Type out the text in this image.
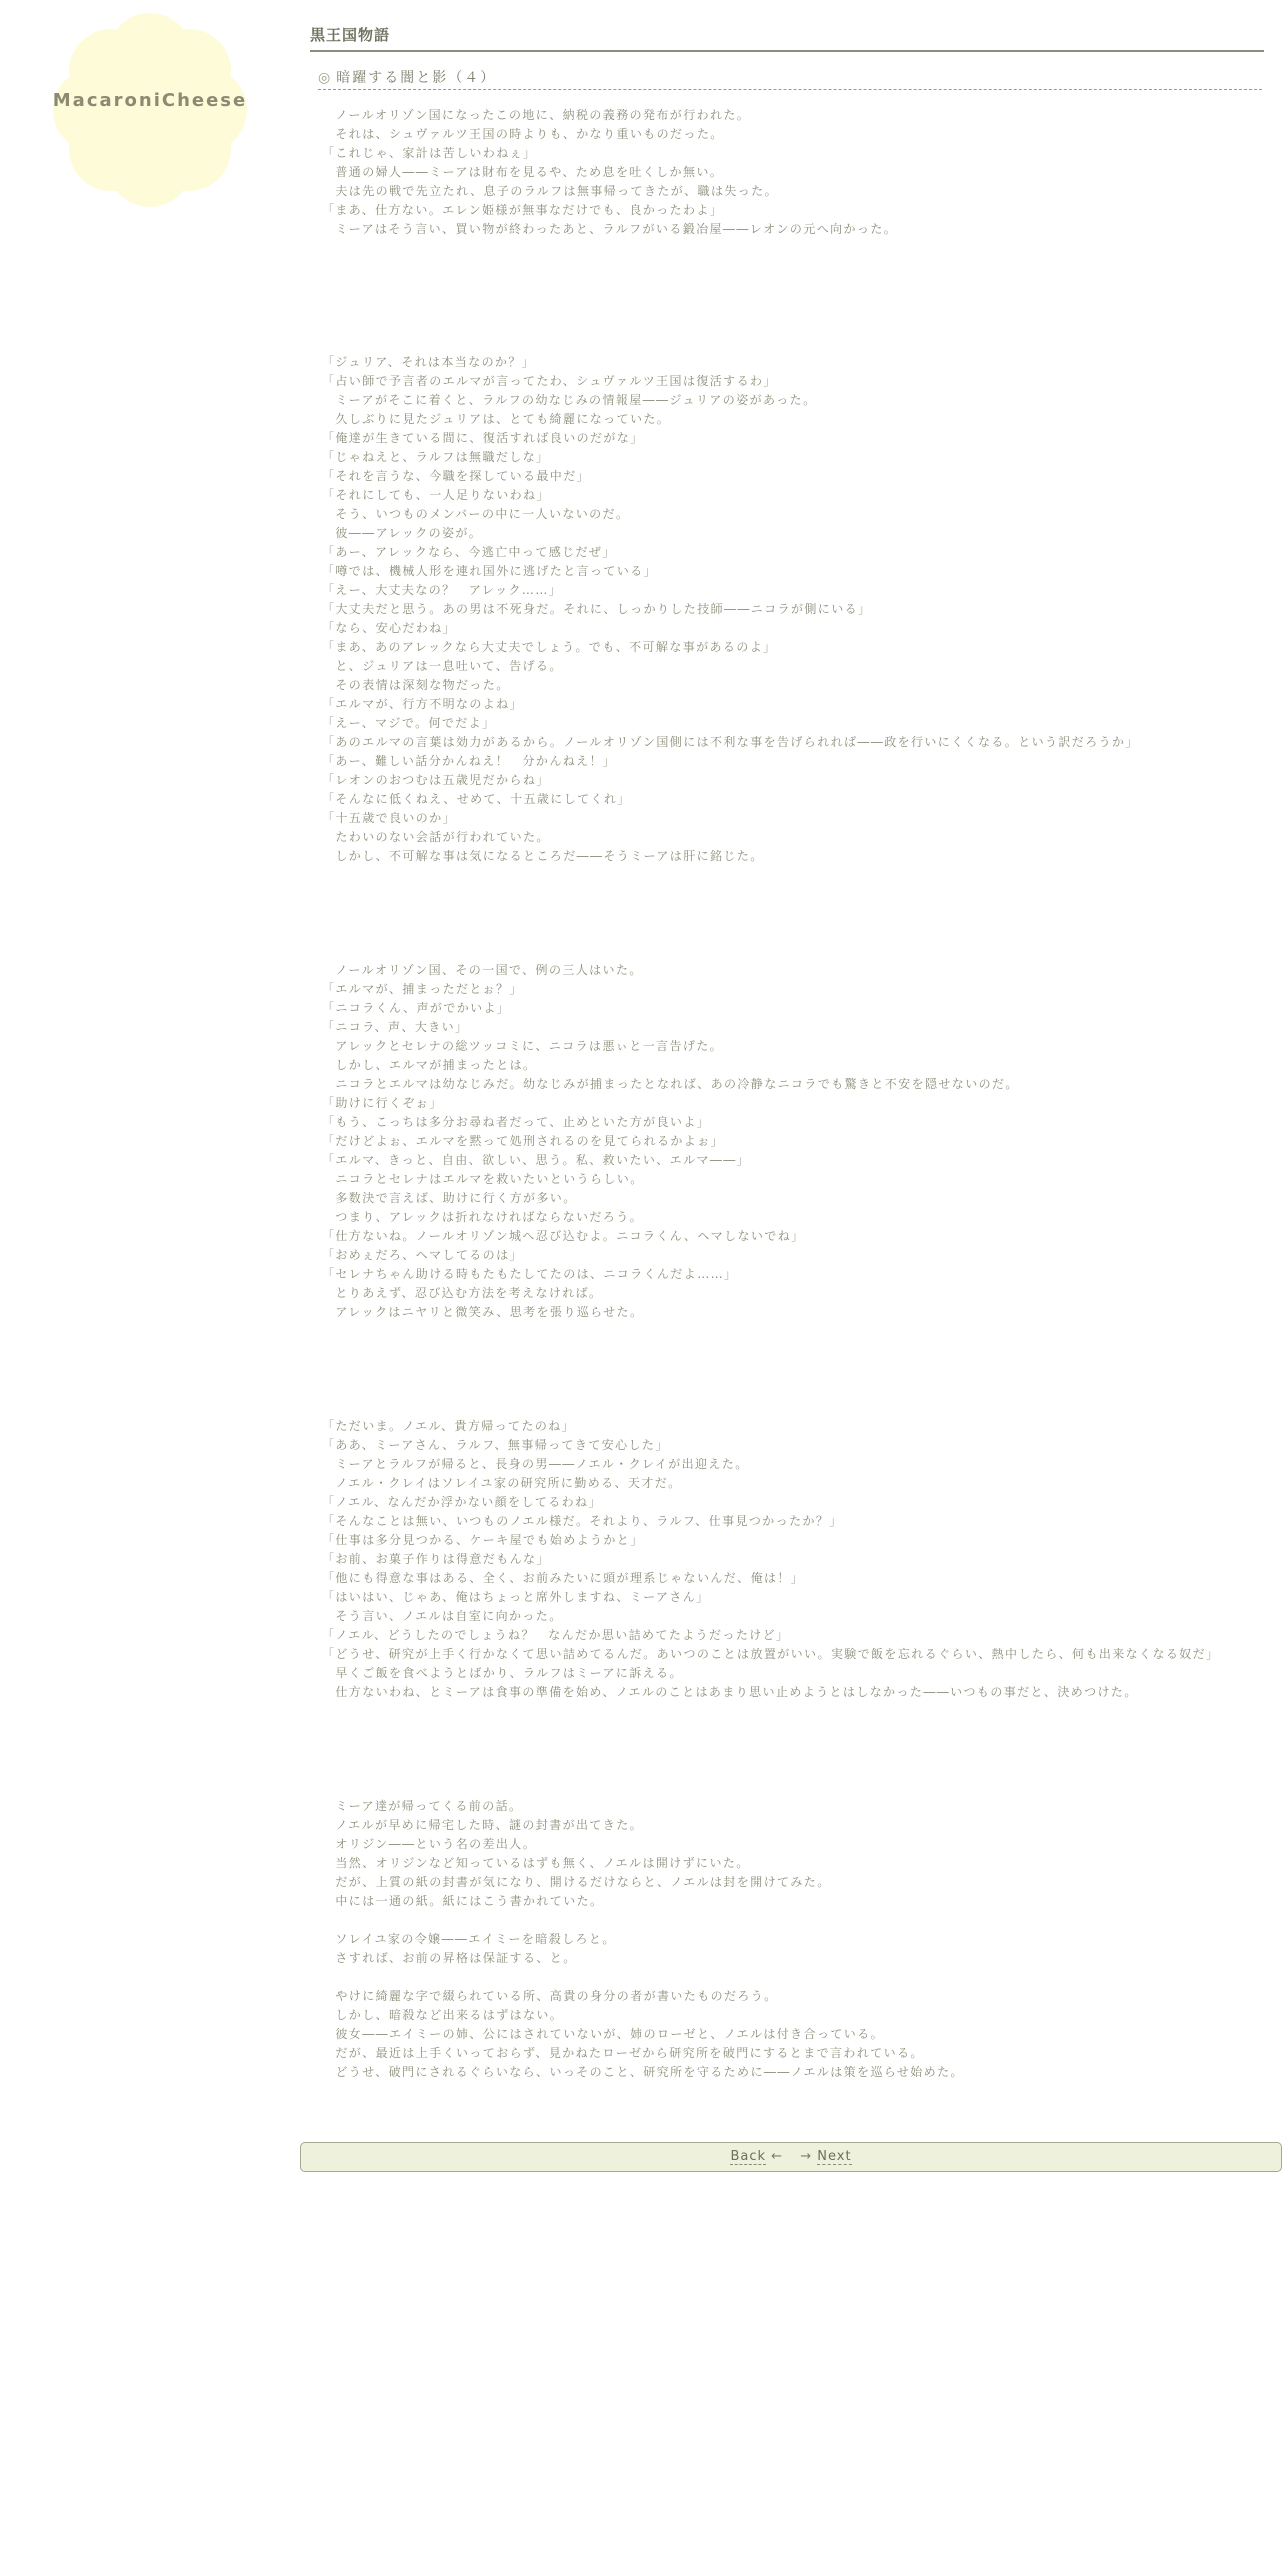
MacaroniCheese
黒王国物語
◎ 暗躍する闇と影（４）
　ノールオリゾン国になったこの地に、納税の義務の発布が行われた。
　それは、シュヴァルツ王国の時よりも、かなり重いものだった。
「これじゃ、家計は苦しいわねぇ」
　普通の婦人――ミーアは財布を見るや、ため息を吐くしか無い。
　夫は先の戦で先立たれ、息子のラルフは無事帰ってきたが、職は失った。
「まあ、仕方ない。エレン姫様が無事なだけでも、良かったわよ」
　ミーアはそう言い、買い物が終わったあと、ラルフがいる鍛冶屋――レオンの元へ向かった。
「ジュリア、それは本当なのか？」
「占い師で予言者のエルマが言ってたわ、シュヴァルツ王国は復活するわ」
　ミーアがそこに着くと、ラルフの幼なじみの情報屋――ジュリアの姿があった。
　久しぶりに見たジュリアは、とても綺麗になっていた。
「俺達が生きている間に、復活すれば良いのだがな」
「じゃねえと、ラルフは無職だしな」
「それを言うな、今職を探している最中だ」
「それにしても、一人足りないわね」
　そう、いつものメンバーの中に一人いないのだ。
　彼――アレックの姿が。
「あー、アレックなら、今逃亡中って感じだぜ」
「噂では、機械人形を連れ国外に逃げたと言っている」
「えー、大丈夫なの？　アレック……」
「大丈夫だと思う。あの男は不死身だ。それに、しっかりした技師――ニコラが側にいる」
「なら、安心だわね」
「まあ、あのアレックなら大丈夫でしょう。でも、不可解な事があるのよ」
　と、ジュリアは一息吐いて、告げる。
　その表情は深刻な物だった。
「エルマが、行方不明なのよね」
「えー、マジで。何でだよ」
「あのエルマの言葉は効力があるから。ノールオリゾン国側には不利な事を告げられれば――政を行いにくくなる。という訳だろうか」
「あー、難しい話分かんねえ！　分かんねえ！」
「レオンのおつむは五歳児だからね」
「そんなに低くねえ、せめて、十五歳にしてくれ」
「十五歳で良いのか」
　たわいのない会話が行われていた。
　しかし、不可解な事は気になるところだ――そうミーアは肝に銘じた。
　ノールオリゾン国、その一国で、例の三人はいた。
「エルマが、捕まっただとぉ？」
「ニコラくん、声がでかいよ」
「ニコラ、声、大きい」
　アレックとセレナの総ツッコミに、ニコラは悪ぃと一言告げた。
　しかし、エルマが捕まったとは。
　ニコラとエルマは幼なじみだ。幼なじみが捕まったとなれば、あの冷静なニコラでも驚きと不安を隠せないのだ。
「助けに行くぞぉ」
「もう、こっちは多分お尋ね者だって、止めといた方が良いよ」
「だけどよぉ、エルマを黙って処刑されるのを見てられるかよぉ」
「エルマ、きっと、自由、欲しい、思う。私、救いたい、エルマ――」
　ニコラとセレナはエルマを救いたいというらしい。
　多数決で言えば、助けに行く方が多い。
　つまり、アレックは折れなければならないだろう。
「仕方ないね。ノールオリゾン城へ忍び込むよ。ニコラくん、ヘマしないでね」
「おめぇだろ、ヘマしてるのは」
「セレナちゃん助ける時もたもたしてたのは、ニコラくんだよ……」
　とりあえず、忍び込む方法を考えなければ。
　アレックはニヤリと微笑み、思考を張り巡らせた。
「ただいま。ノエル、貴方帰ってたのね」
「ああ、ミーアさん、ラルフ、無事帰ってきて安心した」
　ミーアとラルフが帰ると、長身の男――ノエル・クレイが出迎えた。
　ノエル・クレイはソレイユ家の研究所に勤める、天才だ。
「ノエル、なんだか浮かない顔をしてるわね」
「そんなことは無い、いつものノエル様だ。それより、ラルフ、仕事見つかったか？」
「仕事は多分見つかる、ケーキ屋でも始めようかと」
「お前、お菓子作りは得意だもんな」
「他にも得意な事はある、全く、お前みたいに頭が理系じゃないんだ、俺は！」
「はいはい、じゃあ、俺はちょっと席外しますね、ミーアさん」
　そう言い、ノエルは自室に向かった。
「ノエル、どうしたのでしょうね？　なんだか思い詰めてたようだったけど」
「どうせ、研究が上手く行かなくて思い詰めてるんだ。あいつのことは放置がいい。実験で飯を忘れるぐらい、熱中したら、何も出来なくなる奴だ」
　早くご飯を食べようとばかり、ラルフはミーアに訴える。
　仕方ないわね、とミーアは食事の準備を始め、ノエルのことはあまり思い止めようとはしなかった――いつもの事だと、決めつけた。
　ミーア達が帰ってくる前の話。
　ノエルが早めに帰宅した時、謎の封書が出てきた。
　オリジン――という名の差出人。
　当然、オリジンなど知っているはずも無く、ノエルは開けずにいた。
　だが、上質の紙の封書が気になり、開けるだけならと、ノエルは封を開けてみた。
　中には一通の紙。紙にはこう書かれていた。
　ソレイユ家の令嬢――エイミーを暗殺しろと。
　さすれば、お前の昇格は保証する、と。
　やけに綺麗な字で綴られている所、高貴の身分の者が書いたものだろう。
　しかし、暗殺など出来るはずはない。
　彼女――エイミーの姉、公にはされていないが、姉のローゼと、ノエルは付き合っている。
　だが、最近は上手くいっておらず、見かねたローゼから研究所を破門にするとまで言われている。
　どうせ、破門にされるぐらいなら、いっそのこと、研究所を守るために――ノエルは策を巡らせ始めた。
Back ← → Next
